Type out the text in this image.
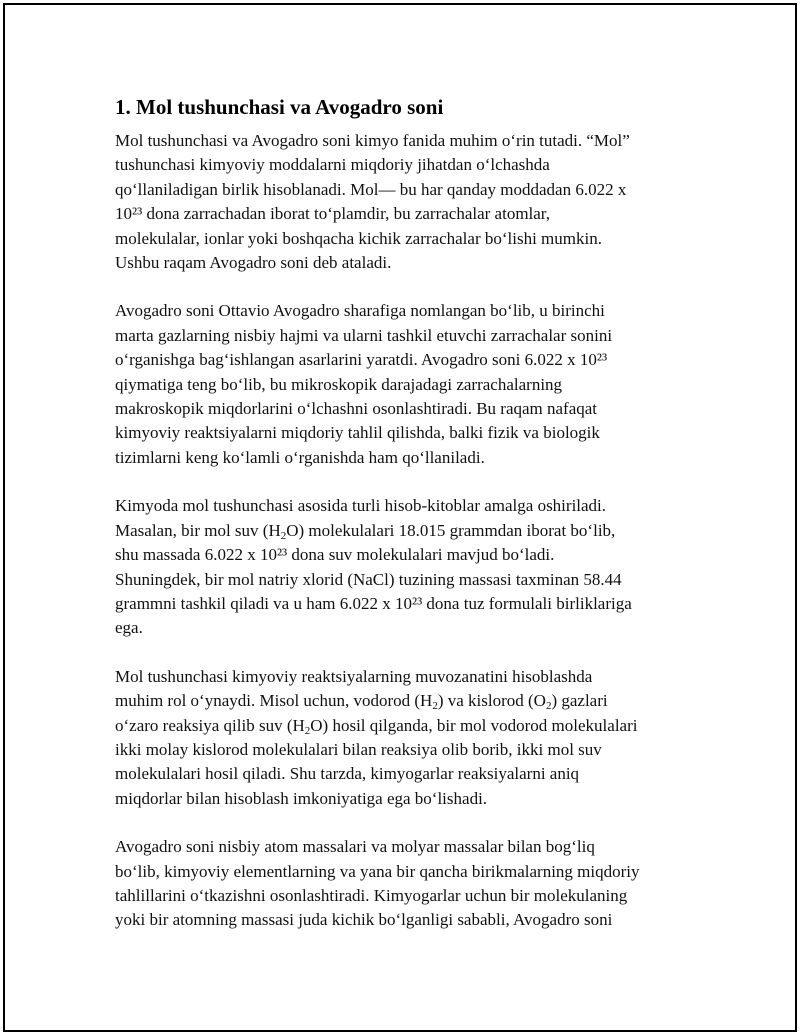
1. Mol tushunchasi va Avogadro soni

Mol tushunchasi va Avogadro soni kimyo fanida muhim oʻrin tutadi. “Mol”
tushunchasi kimyoviy moddalarni miqdoriy jihatdan oʻlchashda
qoʻllaniladigan birlik hisoblanadi. Mol— bu har qanday moddadan 6.022 x
10²³ dona zarrachadan iborat toʻplamdir, bu zarrachalar atomlar,
molekulalar, ionlar yoki boshqacha kichik zarrachalar boʻlishi mumkin.
Ushbu raqam Avogadro soni deb ataladi.

Avogadro soni Ottavio Avogadro sharafiga nomlangan boʻlib, u birinchi
marta gazlarning nisbiy hajmi va ularni tashkil etuvchi zarrachalar sonini
oʻrganishga bagʻishlangan asarlarini yaratdi. Avogadro soni 6.022 x 10²³
qiymatiga teng boʻlib, bu mikroskopik darajadagi zarrachalarning
makroskopik miqdorlarini oʻlchashni osonlashtiradi. Bu raqam nafaqat
kimyoviy reaktsiyalarni miqdoriy tahlil qilishda, balki fizik va biologik
tizimlarni keng koʻlamli oʻrganishda ham qoʻllaniladi.

Kimyoda mol tushunchasi asosida turli hisob-kitoblar amalga oshiriladi.
Masalan, bir mol suv $(H_2O)$ molekulalari 18.015 grammdan iborat boʻlib,
shu massada 6.022 x 10²³ dona suv molekulalari mavjud boʻladi.
Shuningdek, bir mol natriy xlorid (NaCl) tuzining massasi taxminan 58.44
grammni tashkil qiladi va u ham 6.022 x 10²³ dona tuz formulali birliklariga
ega.

Mol tushunchasi kimyoviy reaktsiyalarning muvozanatini hisoblashda
muhim rol oʻynaydi. Misol uchun, vodorod $(H_2)$ va kislorod $(O_2)$ gazlari
oʻzaro reaksiya qilib suv $(H_2O)$ hosil qilganda, bir mol vodorod molekulalari
ikki molay kislorod molekulalari bilan reaksiya olib borib, ikki mol suv
molekulalari hosil qiladi. Shu tarzda, kimyogarlar reaksiyalarni aniq
miqdorlar bilan hisoblash imkoniyatiga ega boʻlishadi.

Avogadro soni nisbiy atom massalari va molyar massalar bilan bogʻliq
boʻlib, kimyoviy elementlarning va yana bir qancha birikmalarning miqdoriy
tahlillarini oʻtkazishni osonlashtiradi. Kimyogarlar uchun bir molekulaning
yoki bir atomning massasi juda kichik boʻlganligi sababli, Avogadro soni
